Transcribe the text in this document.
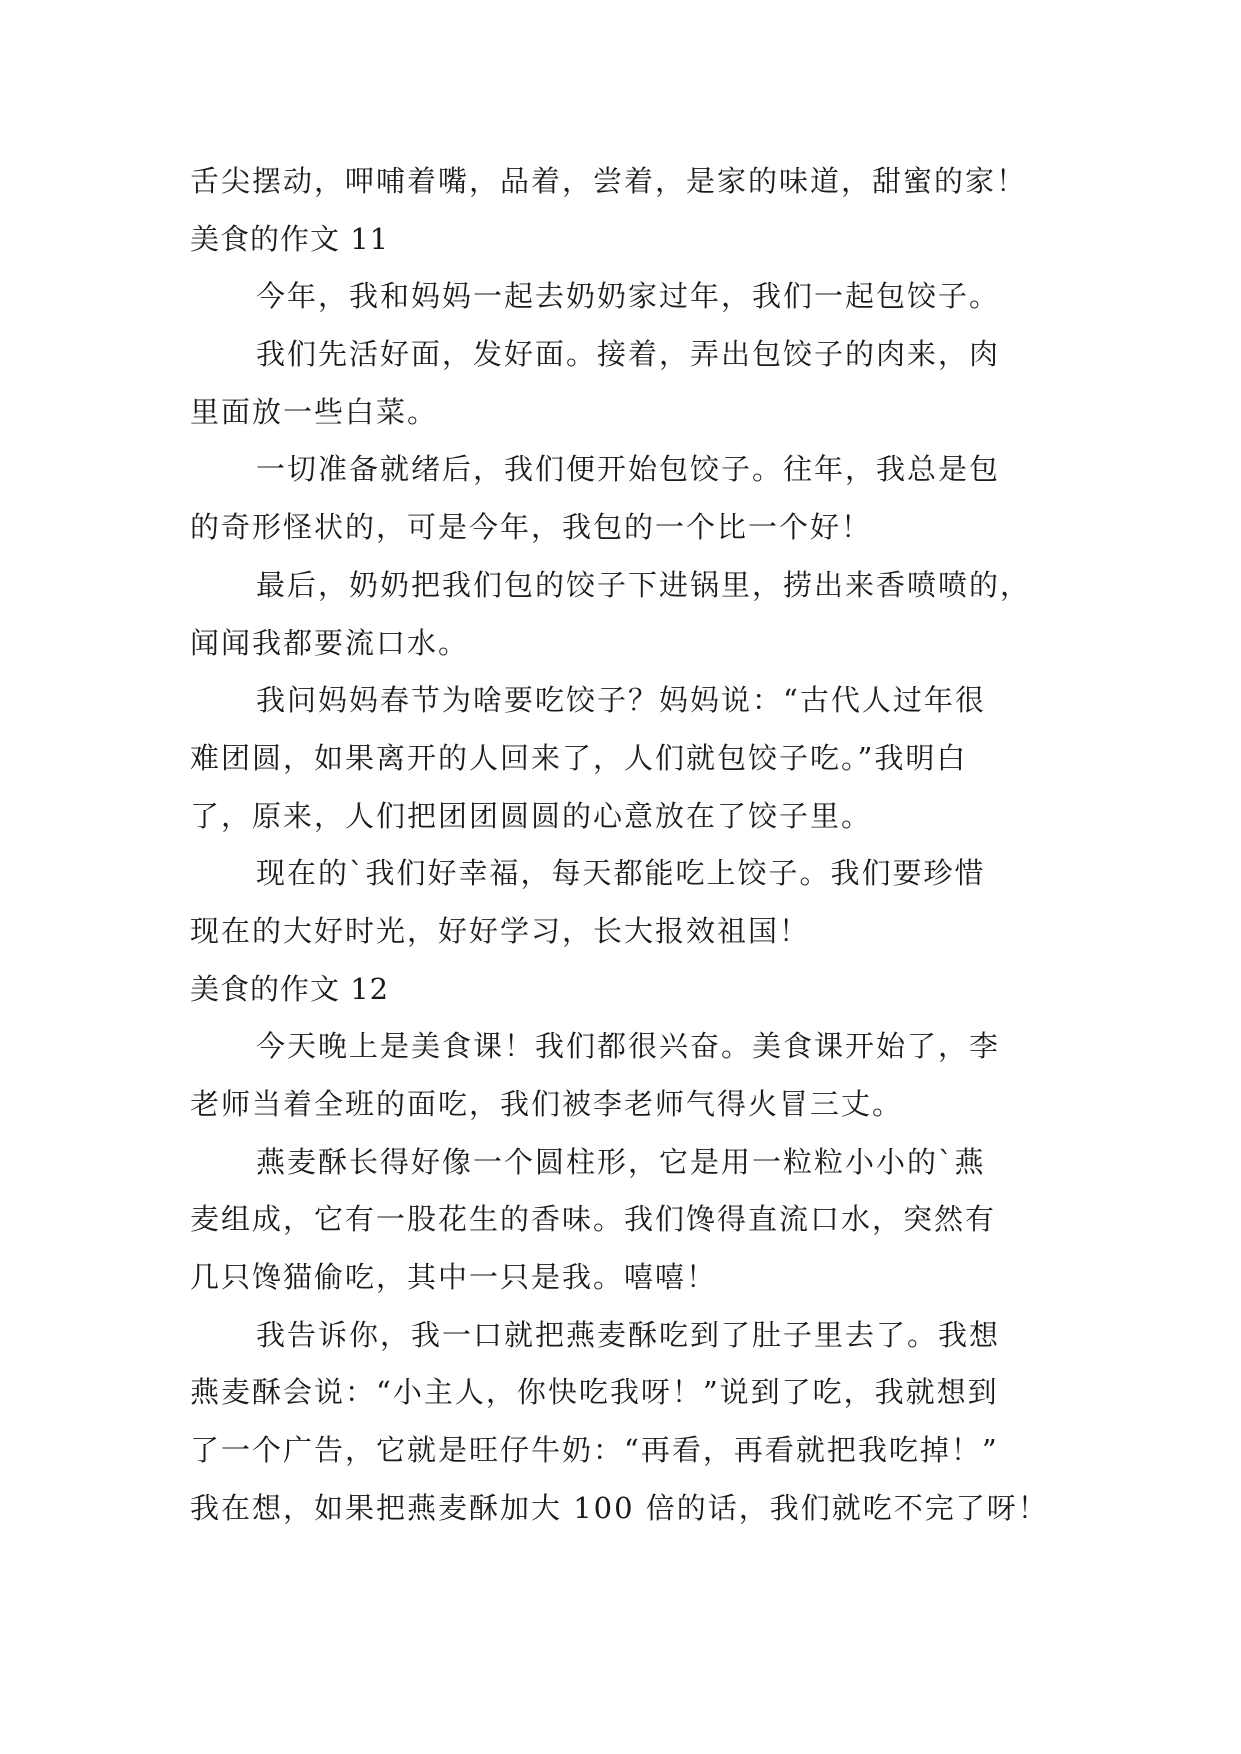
舌尖摆动，呷哺着嘴，品着，尝着，是家的味道，甜蜜的家！
美食的作文 11
今年，我和妈妈一起去奶奶家过年，我们一起包饺子。
我们先活好面，发好面。接着，弄出包饺子的肉来，肉
里面放一些白菜。
一切准备就绪后，我们便开始包饺子。往年，我总是包
的奇形怪状的，可是今年，我包的一个比一个好！
最后，奶奶把我们包的饺子下进锅里，捞出来香喷喷的，
闻闻我都要流口水。
我问妈妈春节为啥要吃饺子？妈妈说：“古代人过年很
难团圆，如果离开的人回来了，人们就包饺子吃。”我明白
了，原来，人们把团团圆圆的心意放在了饺子里。
现在的`我们好幸福，每天都能吃上饺子。我们要珍惜
现在的大好时光，好好学习，长大报效祖国！
美食的作文 12
今天晚上是美食课！我们都很兴奋。美食课开始了，李
老师当着全班的面吃，我们被李老师气得火冒三丈。
燕麦酥长得好像一个圆柱形，它是用一粒粒小小的`燕
麦组成，它有一股花生的香味。我们馋得直流口水，突然有
几只馋猫偷吃，其中一只是我。嘻嘻！
我告诉你，我一口就把燕麦酥吃到了肚子里去了。我想
燕麦酥会说：“小主人，你快吃我呀！”说到了吃，我就想到
了一个广告，它就是旺仔牛奶：“再看，再看就把我吃掉！”
我在想，如果把燕麦酥加大 100 倍的话，我们就吃不完了呀！
